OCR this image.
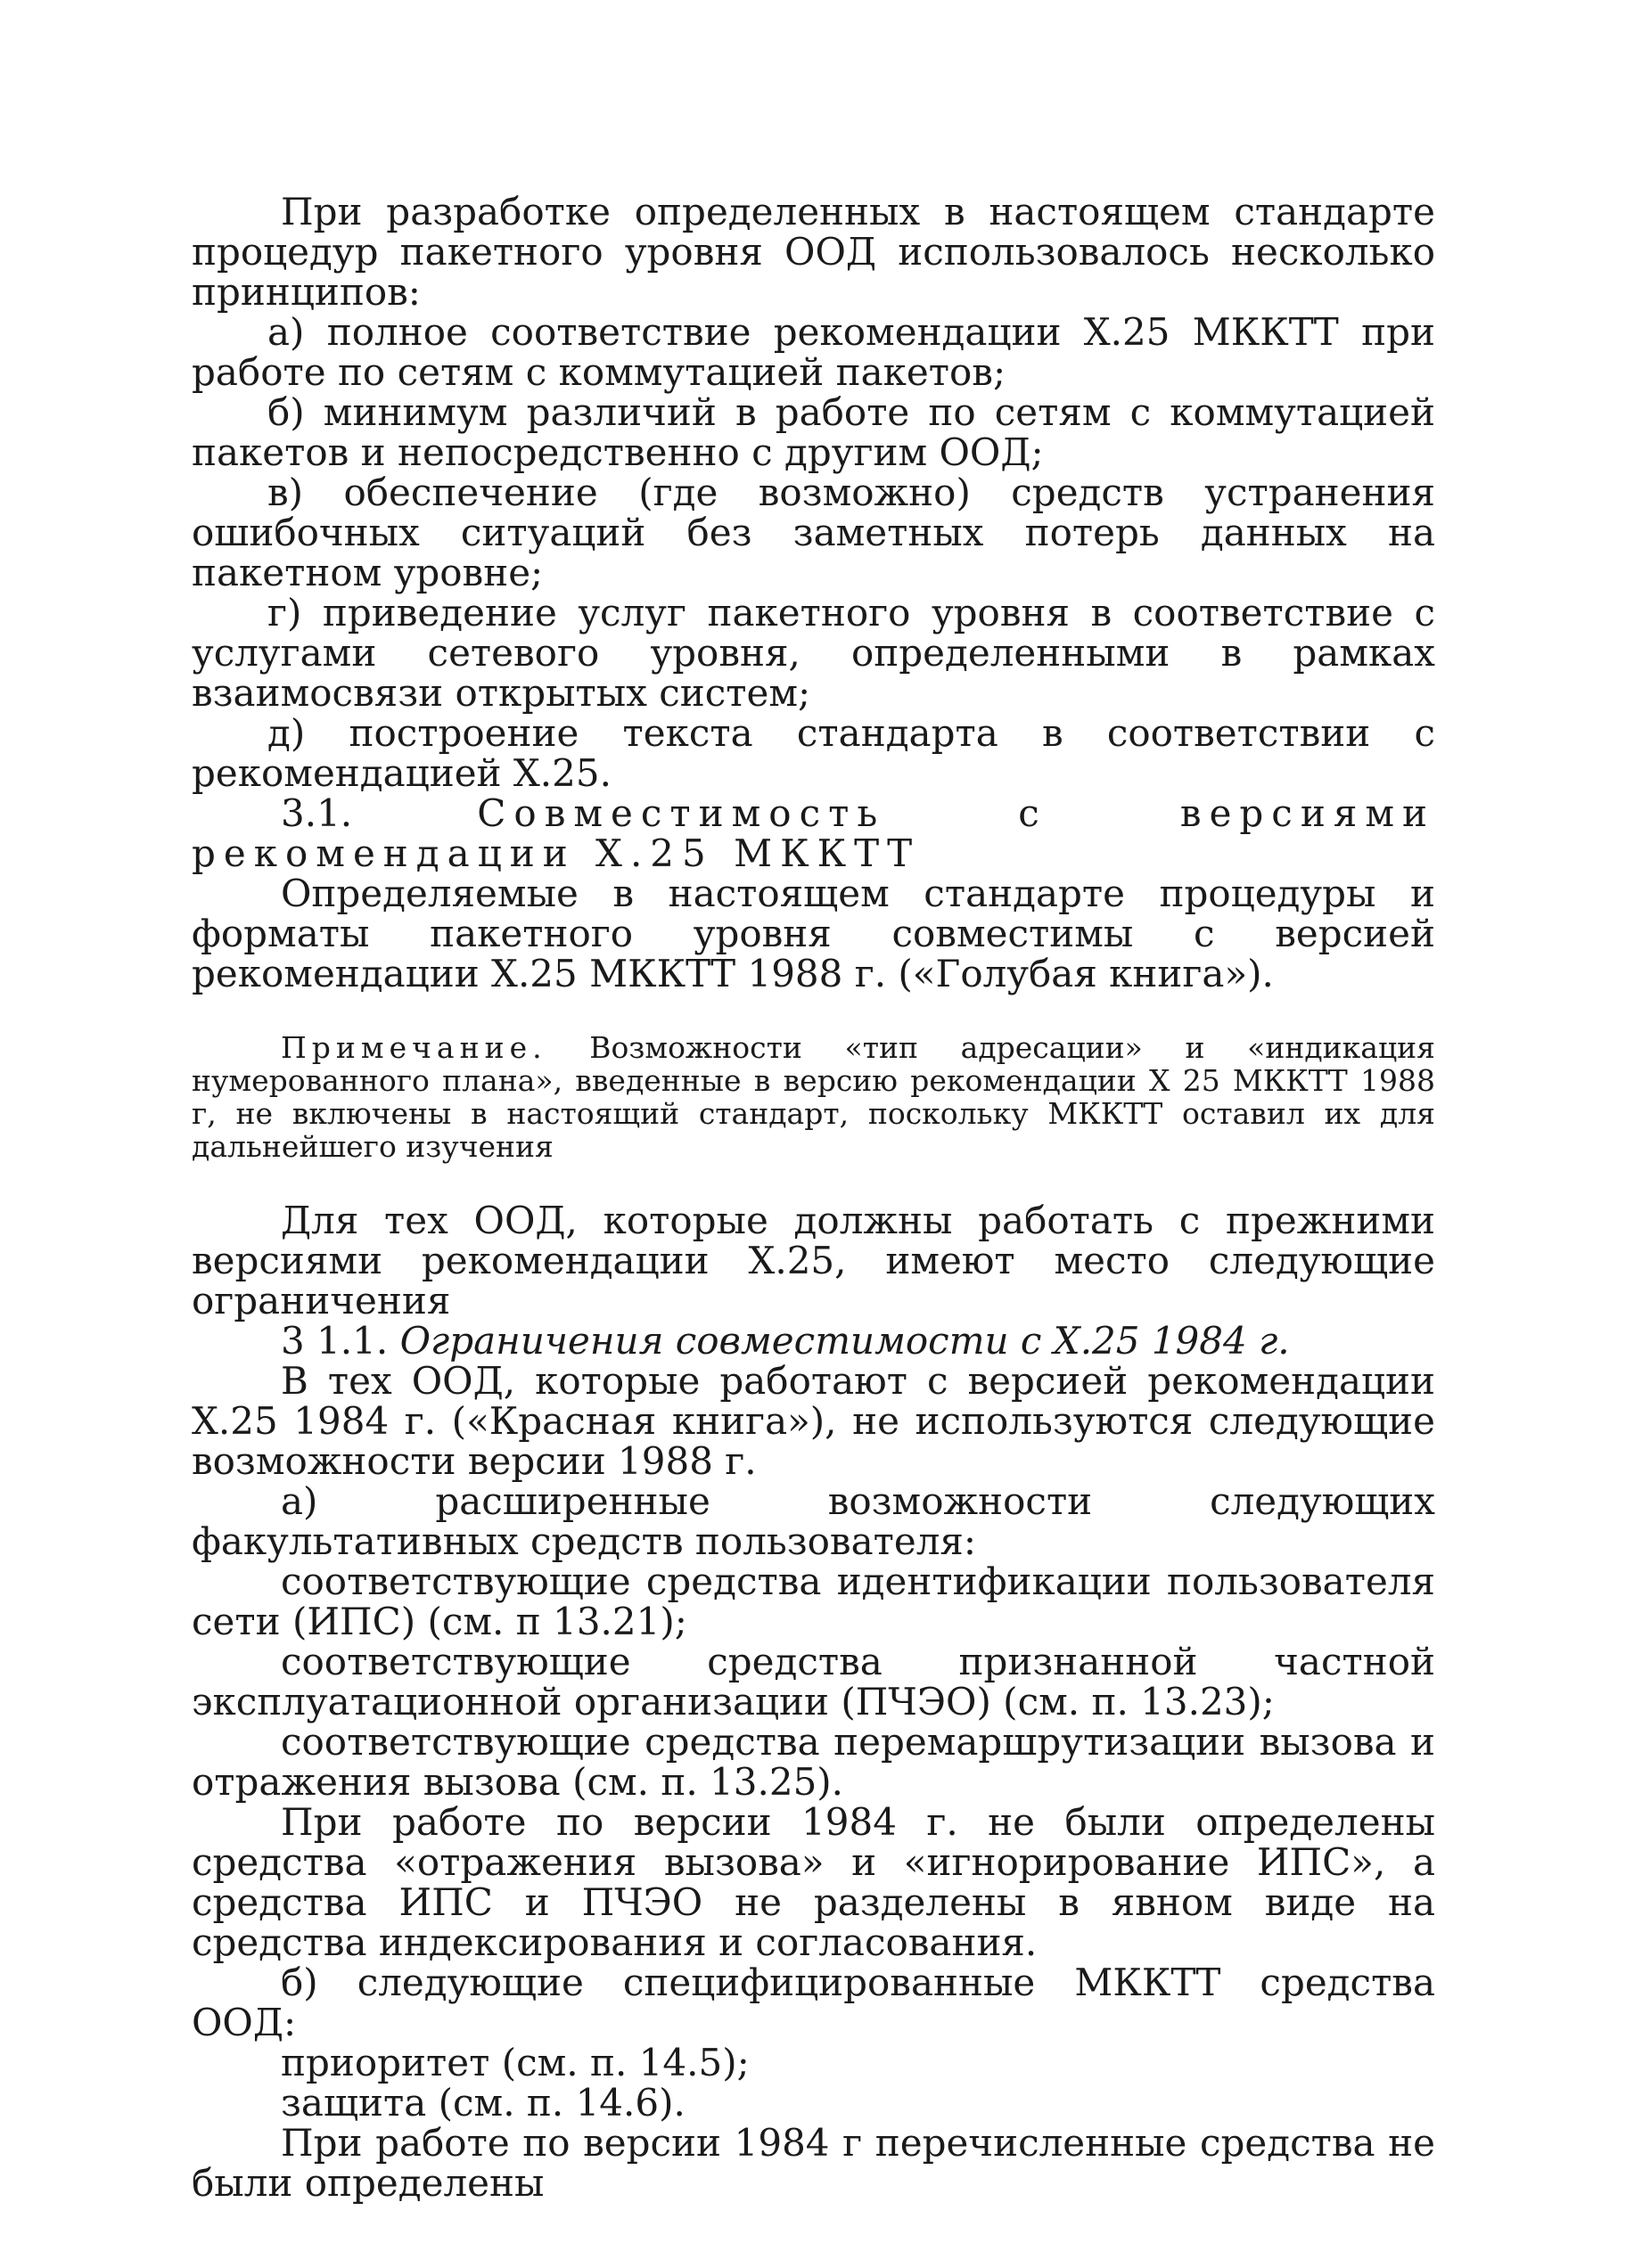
При разработке определенных в настоящем стандарте процедур пакетного уровня ООД использовалось несколько принципов:

а) полное соответствие рекомендации X.25 МККТТ при работе по сетям с коммутацией пакетов;

б) минимум различий в работе по сетям с коммутацией пакетов и непосредственно с другим ООД;

в) обеспечение (где возможно) средств устранения ошибочных ситуаций без заметных потерь данных на пакетном уровне;

г) приведение услуг пакетного уровня в соответствие с услугами сетевого уровня, определенными в рамках взаимосвязи открытых систем;

д) построение текста стандарта в соответствии с рекомендацией X.25.

3.1.	Совместимость с версиями рекомендации X.25 МККТТ

Определяемые в настоящем стандарте процедуры и форматы пакетного уровня совместимы с версией рекомендации X.25 МККТТ 1988 г. («Голубая книга»).

Примечание. Возможности «тип адресации» и «индикация нумерованного плана», введенные в версию рекомендации X 25 МККТТ 1988 г, не включены в настоящий стандарт, поскольку МККТТ оставил их для дальнейшего изучения

Для тех ООД, которые должны работать с прежними версиями рекомендации X.25, имеют место следующие ограничения

3 1.1. Ограничения совместимости с X.25 1984 г.

В тех ООД, которые работают с версией рекомендации X.25 1984 г. («Красная книга»), не используются следующие возможности версии 1988 г.

а) расширенные возможности следующих факультативных средств пользователя:

соответствующие средства идентификации пользователя сети (ИПС) (см. п 13.21);

соответствующие средства признанной частной эксплуатационной организации (ПЧЭО) (см. п. 13.23);

соответствующие средства перемаршрутизации вызова и отражения вызова (см. п. 13.25).

При работе по версии 1984 г. не были определены средства «отражения вызова» и «игнорирование ИПС», а средства ИПС и ПЧЭО не разделены в явном виде на средства индексирования и согласования.

б) следующие специфицированные МККТТ средства ООД:

приоритет (см. п. 14.5);

защита (см. п. 14.6).

При работе по версии 1984 г перечисленные средства не были определены
